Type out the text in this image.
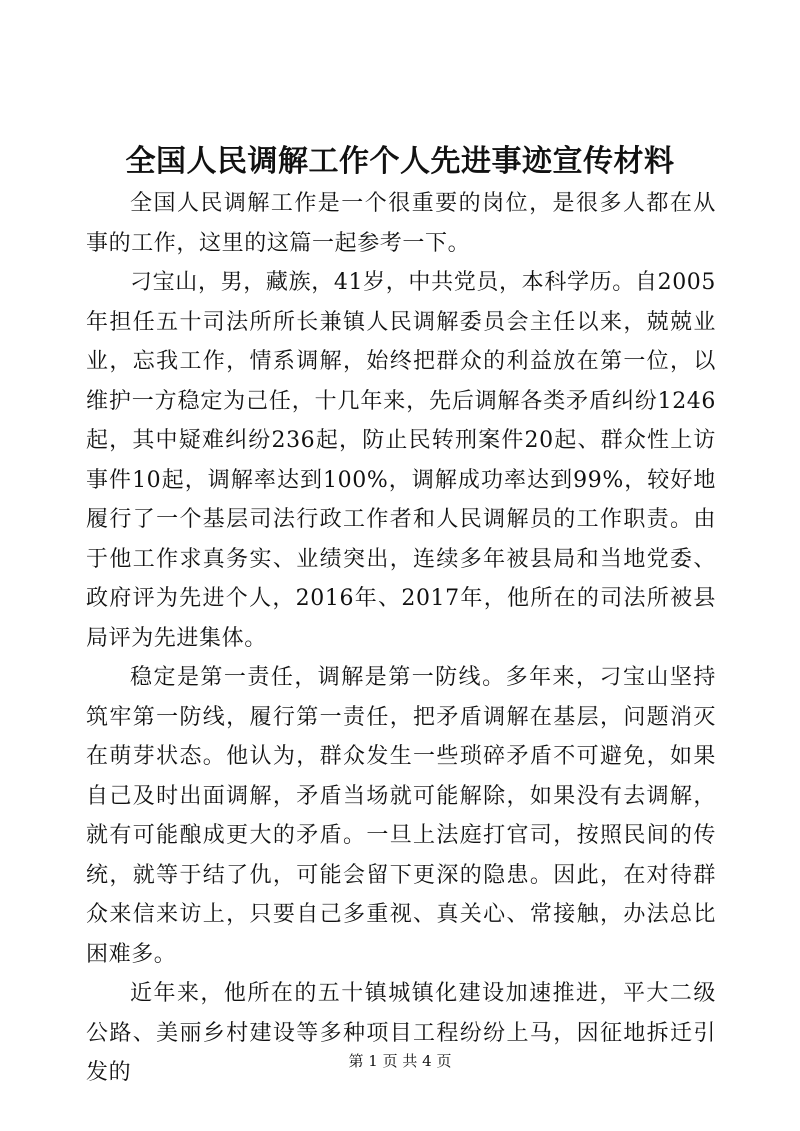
全国人民调解工作个人先进事迹宣传材料

全国人民调解工作是一个很重要的岗位，是很多人都在从事的工作，这里的这篇一起参考一下。

刁宝山，男，藏族，41岁，中共党员，本科学历。自2005年担任五十司法所所长兼镇人民调解委员会主任以来，兢兢业业，忘我工作，情系调解，始终把群众的利益放在第一位，以维护一方稳定为己任，十几年来，先后调解各类矛盾纠纷1246起，其中疑难纠纷236起，防止民转刑案件20起、群众性上访事件10起，调解率达到100%，调解成功率达到99%，较好地履行了一个基层司法行政工作者和人民调解员的工作职责。由于他工作求真务实、业绩突出，连续多年被县局和当地党委、政府评为先进个人，2016年、2017年，他所在的司法所被县局评为先进集体。

稳定是第一责任，调解是第一防线。多年来，刁宝山坚持筑牢第一防线，履行第一责任，把矛盾调解在基层，问题消灭在萌芽状态。他认为，群众发生一些琐碎矛盾不可避免，如果自己及时出面调解，矛盾当场就可能解除，如果没有去调解，就有可能酿成更大的矛盾。一旦上法庭打官司，按照民间的传统，就等于结了仇，可能会留下更深的隐患。因此，在对待群众来信来访上，只要自己多重视、真关心、常接触，办法总比困难多。

近年来，他所在的五十镇城镇化建设加速推进，平大二级公路、美丽乡村建设等多种项目工程纷纷上马，因征地拆迁引发的	第 1 页 共 4 页
